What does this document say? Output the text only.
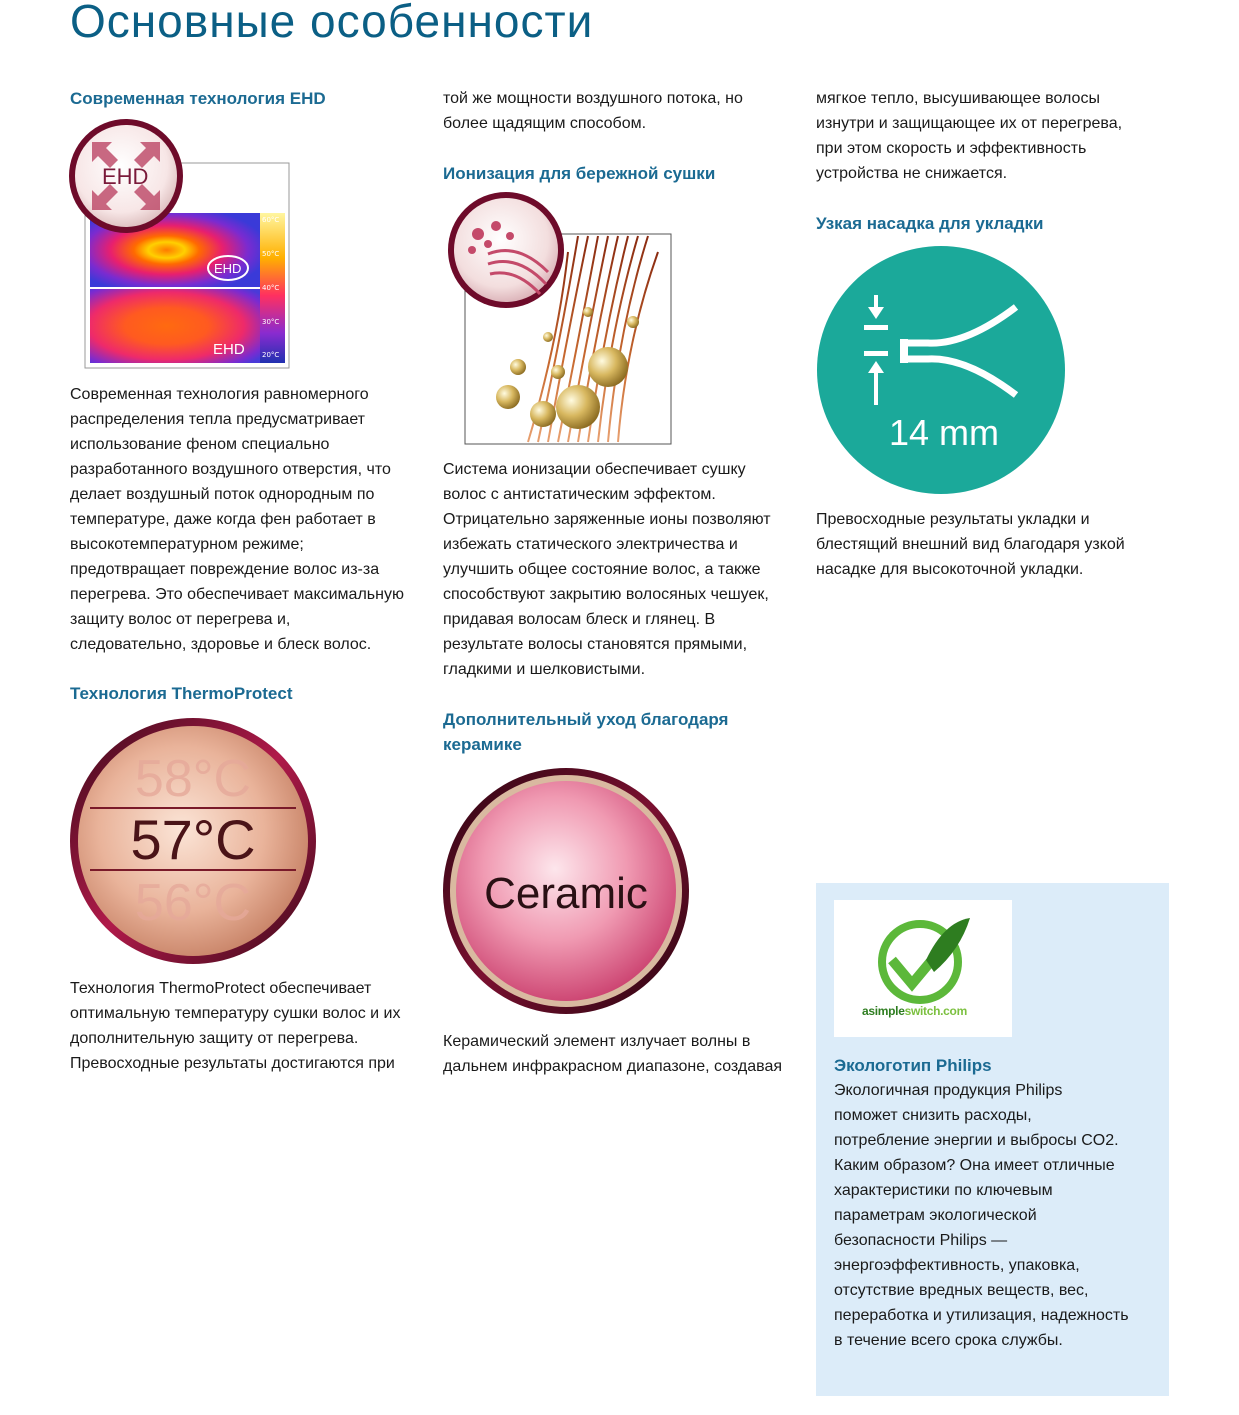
Основные особенности
Современная технология EHD
60°C
50°C
40°C
30°C
20°C
EHD
EHD
EHD
Современная технология равномерного
распределения тепла предусматривает
использование феном специально
разработанного воздушного отверстия, что
делает воздушный поток однородным по
температуре, даже когда фен работает в
высокотемпературном режиме;
предотвращает повреждение волос из-за
перегрева. Это обеспечивает максимальную
защиту волос от перегрева и,
следовательно, здоровье и блеск волос.
Технология ThermoProtect
58°C
57°C
56°C
Технология ThermoProtect обеспечивает
оптимальную температуру сушки волос и их
дополнительную защиту от перегрева.
Превосходные результаты достигаются при
той же мощности воздушного потока, но
более щадящим способом.
Ионизация для бережной сушки
Система ионизации обеспечивает сушку
волос с антистатическим эффектом.
Отрицательно заряженные ионы позволяют
избежать статического электричества и
улучшить общее состояние волос, а также
способствуют закрытию волосяных чешуек,
придавая волосам блеск и глянец. В
результате волосы становятся прямыми,
гладкими и шелковистыми.
Дополнительный уход благодаря
керамике
Ceramic
Керамический элемент излучает волны в
дальнем инфракрасном диапазоне, создавая
мягкое тепло, высушивающее волосы
изнутри и защищающее их от перегрева,
при этом скорость и эффективность
устройства не снижается.
Узкая насадка для укладки
14 mm
Превосходные результаты укладки и
блестящий внешний вид благодаря узкой
насадке для высокоточной укладки.
asimpleswitch.com
Экологотип Philips
Экологичная продукция Philips
поможет снизить расходы,
потребление энергии и выбросы CO2.
Каким образом? Она имеет отличные
характеристики по ключевым
параметрам экологической
безопасности Philips —
энергоэффективность, упаковка,
отсутствие вредных веществ, вес,
переработка и утилизация, надежность
в течение всего срока службы.
